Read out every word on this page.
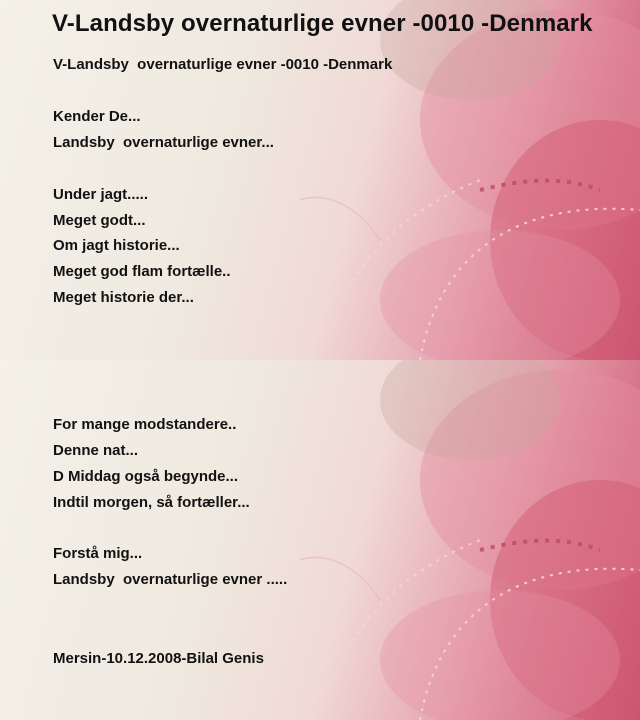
V-Landsby overnaturlige evner -0010 -Denmark
V-Landsby  overnaturlige evner -0010 -Denmark
Kender De...
Landsby  overnaturlige evner...
Under jagt.....
Meget godt...
Om jagt historie...
Meget god flam fortælle..
Meget historie der...
For mange modstandere..
Denne nat...
D Middag også begynde...
Indtil morgen, så fortæller...
Forstå mig...
Landsby  overnaturlige evner .....
Mersin-10.12.2008-Bilal Genis
